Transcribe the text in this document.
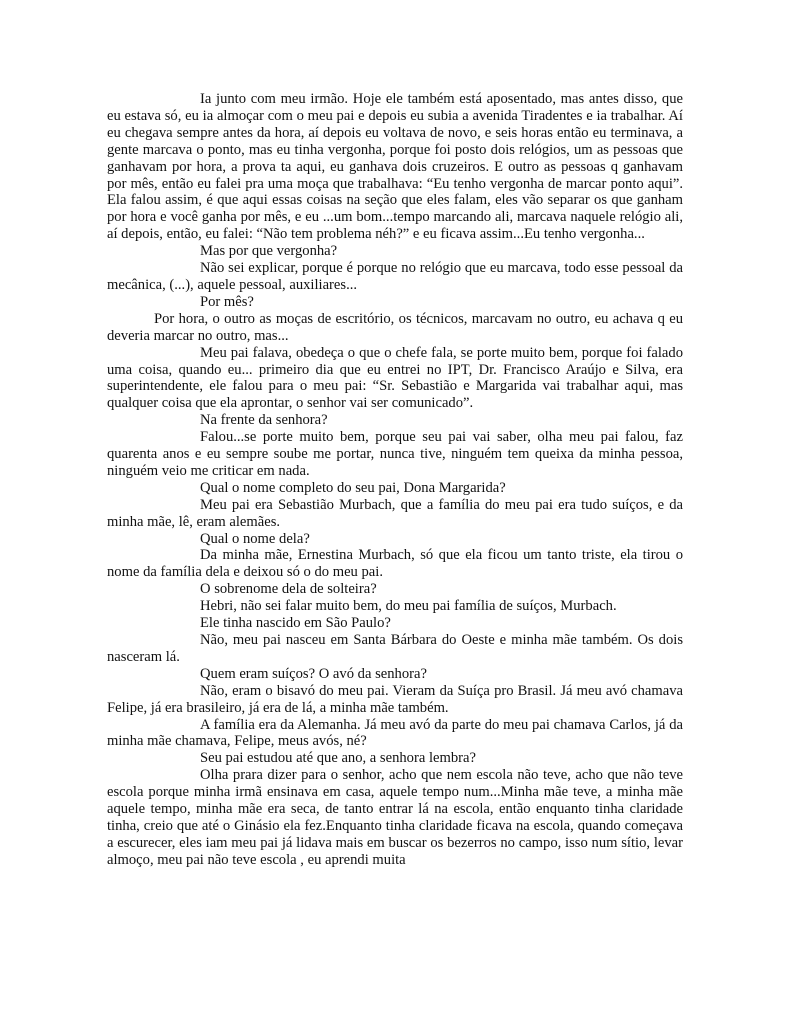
Ia junto com meu irmão. Hoje ele também está aposentado, mas antes disso, que eu estava só, eu ia almoçar com o meu pai e depois eu subia a avenida Tiradentes e ia trabalhar. Aí eu chegava sempre antes da hora, aí depois eu voltava de novo, e seis horas então eu terminava, a gente marcava o ponto, mas eu tinha vergonha, porque foi posto dois relógios, um as pessoas que ganhavam por hora, a prova ta aqui, eu ganhava dois cruzeiros. E outro as pessoas q ganhavam por mês, então eu falei pra uma moça que trabalhava: “Eu tenho vergonha de marcar ponto aqui”. Ela falou assim, é que aqui essas coisas na seção que eles falam, eles vão separar os que ganham por hora e você ganha por mês, e eu ...um bom...tempo marcando ali, marcava naquele relógio ali, aí depois, então, eu falei: “Não tem problema néh?” e eu ficava assim...Eu tenho vergonha...

Mas por que vergonha?

Não sei explicar, porque é porque no relógio que eu marcava, todo esse pessoal da mecânica, (...), aquele pessoal, auxiliares...

Por mês?

Por hora, o outro as moças de escritório, os técnicos, marcavam no outro, eu achava q eu deveria marcar no outro, mas...

Meu pai falava, obedeça o que o chefe fala, se porte muito bem, porque foi falado uma coisa, quando eu... primeiro dia que eu entrei no IPT, Dr. Francisco Araújo e Silva, era superintendente, ele falou para o meu pai: “Sr. Sebastião e Margarida vai trabalhar aqui, mas qualquer coisa que ela aprontar, o senhor vai ser comunicado”.

Na frente da senhora?

Falou...se porte muito bem, porque seu pai vai saber, olha meu pai falou, faz quarenta anos e eu sempre soube me portar, nunca tive, ninguém tem queixa da minha pessoa, ninguém veio me criticar em nada.

Qual o nome completo do seu pai, Dona Margarida?

Meu pai era Sebastião Murbach, que a família do meu pai era tudo suíços, e da minha mãe, lê, eram alemães.

Qual o nome dela?

Da minha mãe, Ernestina Murbach, só que ela ficou um tanto triste, ela tirou o nome da família dela e deixou só o do meu pai.

O sobrenome dela de solteira?

Hebri, não sei falar muito bem, do meu pai família de suíços, Murbach.

Ele tinha nascido em São Paulo?

Não, meu pai nasceu em Santa Bárbara do Oeste e minha mãe também. Os dois nasceram lá.

Quem eram suíços? O avó da senhora?

Não, eram o bisavó do meu pai. Vieram da Suíça pro Brasil. Já meu avó chamava Felipe, já era brasileiro, já era de lá, a minha mãe também.

A família era da Alemanha. Já meu avó da parte do meu pai chamava Carlos, já da minha mãe chamava, Felipe, meus avós, né?

Seu pai estudou até que ano, a senhora lembra?

Olha prara dizer para o senhor, acho que nem escola não teve, acho que não teve escola porque minha irmã ensinava em casa, aquele tempo num...Minha mãe teve, a minha mãe aquele tempo, minha mãe era seca, de tanto entrar lá na escola, então enquanto tinha claridade tinha, creio que até o Ginásio ela fez.Enquanto tinha claridade ficava na escola, quando começava a escurecer, eles iam meu pai já lidava mais em buscar os bezerros no campo, isso num sítio, levar almoço, meu pai não teve escola , eu aprendi muita
